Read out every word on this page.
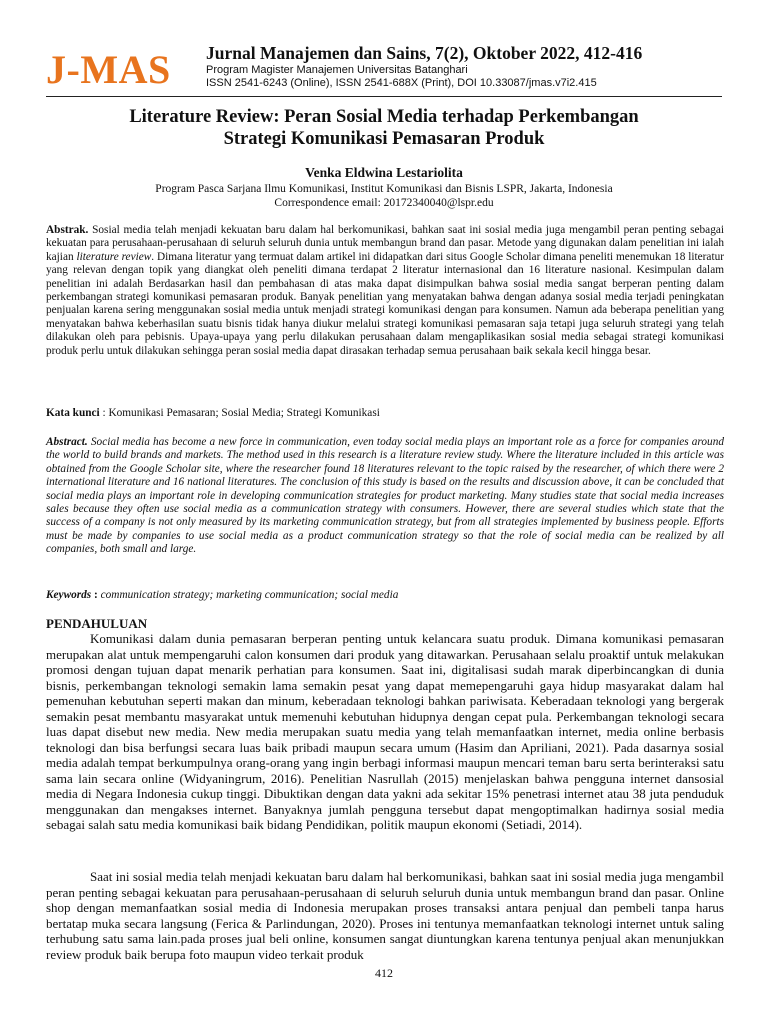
J-MAS Jurnal Manajemen dan Sains, 7(2), Oktober 2022, 412-416
Program Magister Manajemen Universitas Batanghari
ISSN 2541-6243 (Online), ISSN 2541-688X (Print), DOI 10.33087/jmas.v7i2.415
Literature Review: Peran Sosial Media terhadap Perkembangan
Strategi Komunikasi Pemasaran Produk
Venka Eldwina Lestariolita
Program Pasca Sarjana Ilmu Komunikasi, Institut Komunikasi dan Bisnis LSPR, Jakarta, Indonesia
Correspondence email: 20172340040@lspr.edu
Abstrak. Sosial media telah menjadi kekuatan baru dalam hal berkomunikasi, bahkan saat ini sosial media juga mengambil peran penting sebagai kekuatan para perusahaan-perusahaan di seluruh seluruh dunia untuk membangun brand dan pasar. Metode yang digunakan dalam penelitian ini ialah kajian literature review. Dimana literatur yang termuat dalam artikel ini didapatkan dari situs Google Scholar dimana peneliti menemukan 18 literatur yang relevan dengan topik yang diangkat oleh peneliti dimana terdapat 2 literatur internasional dan 16 literature nasional. Kesimpulan dalam penelitian ini adalah Berdasarkan hasil dan pembahasan di atas maka dapat disimpulkan bahwa sosial media sangat berperan penting dalam perkembangan strategi komunikasi pemasaran produk. Banyak penelitian yang menyatakan bahwa dengan adanya sosial media terjadi peningkatan penjualan karena sering menggunakan sosial media untuk menjadi strategi komunikasi dengan para konsumen. Namun ada beberapa penelitian yang menyatakan bahwa keberhasilan suatu bisnis tidak hanya diukur melalui strategi komunikasi pemasaran saja tetapi juga seluruh strategi yang telah dilakukan oleh para pebisnis. Upaya-upaya yang perlu dilakukan perusahaan dalam mengaplikasikan sosial media sebagai strategi komunikasi produk perlu untuk dilakukan sehingga peran sosial media dapat dirasakan terhadap semua perusahaan baik sekala kecil hingga besar.
Kata kunci : Komunikasi Pemasaran; Sosial Media; Strategi Komunikasi
Abstract. Social media has become a new force in communication, even today social media plays an important role as a force for companies around the world to build brands and markets. The method used in this research is a literature review study. Where the literature included in this article was obtained from the Google Scholar site, where the researcher found 18 literatures relevant to the topic raised by the researcher, of which there were 2 international literature and 16 national literatures. The conclusion of this study is based on the results and discussion above, it can be concluded that social media plays an important role in developing communication strategies for product marketing. Many studies state that social media increases sales because they often use social media as a communication strategy with consumers. However, there are several studies which state that the success of a company is not only measured by its marketing communication strategy, but from all strategies implemented by business people. Efforts must be made by companies to use social media as a product communication strategy so that the role of social media can be realized by all companies, both small and large.
Keywords : communication strategy; marketing communication; social media
PENDAHULUAN
Komunikasi dalam dunia pemasaran berperan penting untuk kelancara suatu produk. Dimana komunikasi pemasaran merupakan alat untuk mempengaruhi calon konsumen dari produk yang ditawarkan. Perusahaan selalu proaktif untuk melakukan promosi dengan tujuan dapat menarik perhatian para konsumen. Saat ini, digitalisasi sudah marak diperbincangkan di dunia bisnis, perkembangan teknologi semakin lama semakin pesat yang dapat memepengaruhi gaya hidup masyarakat dalam hal pemenuhan kebutuhan seperti makan dan minum, keberadaan teknologi bahkan pariwisata. Keberadaan teknologi yang bergerak semakin pesat membantu masyarakat untuk memenuhi kebutuhan hidupnya dengan cepat pula. Perkembangan teknologi secara luas dapat disebut new media. New media merupakan suatu media yang telah memanfaatkan internet, media online berbasis teknologi dan bisa berfungsi secara luas baik pribadi maupun secara umum (Hasim dan Apriliani, 2021). Pada dasarnya sosial media adalah tempat berkumpulnya orang-orang yang ingin berbagi informasi maupun mencari teman baru serta berinteraksi satu sama lain secara online (Widyaningrum, 2016). Penelitian Nasrullah (2015) menjelaskan bahwa pengguna internet dansosial media di Negara Indonesia cukup tinggi. Dibuktikan dengan data yakni ada sekitar 15% penetrasi internet atau 38 juta penduduk menggunakan dan mengakses internet. Banyaknya jumlah pengguna tersebut dapat mengoptimalkan hadirnya sosial media sebagai salah satu media komunikasi baik bidang Pendidikan, politik maupun ekonomi (Setiadi, 2014).
Saat ini sosial media telah menjadi kekuatan baru dalam hal berkomunikasi, bahkan saat ini sosial media juga mengambil peran penting sebagai kekuatan para perusahaan-perusahaan di seluruh seluruh dunia untuk membangun brand dan pasar. Online shop dengan memanfaatkan sosial media di Indonesia merupakan proses transaksi antara penjual dan pembeli tanpa harus bertatap muka secara langsung (Ferica & Parlindungan, 2020). Proses ini tentunya memanfaatkan teknologi internet untuk saling terhubung satu sama lain.pada proses jual beli online, konsumen sangat diuntungkan karena tentunya penjual akan menunjukkan review produk baik berupa foto maupun video terkait produk
412
